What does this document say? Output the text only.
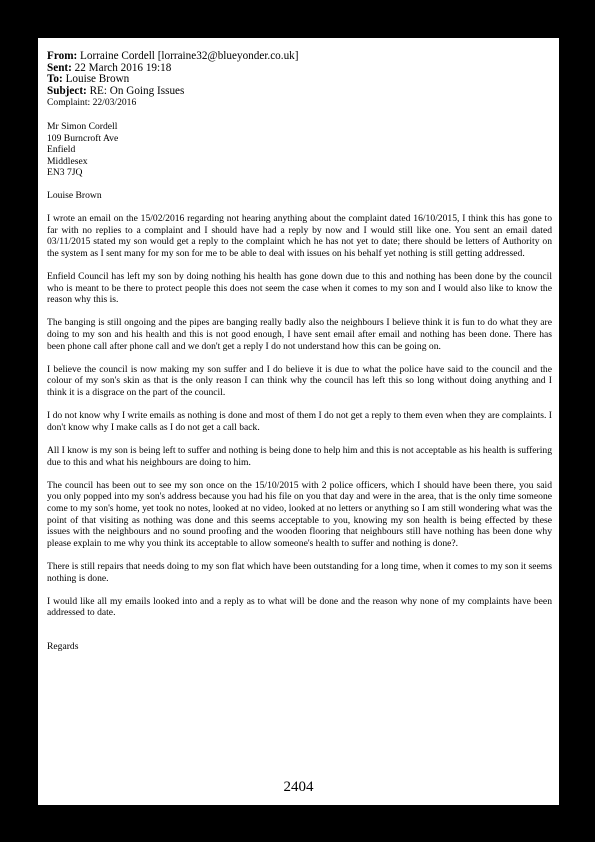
From: Lorraine Cordell [lorraine32@blueyonder.co.uk]
Sent: 22 March 2016 19:18
To: Louise Brown
Subject: RE: On Going Issues
Complaint: 22/03/2016
Mr Simon Cordell
109 Burncroft Ave
Enfield
Middlesex
EN3 7JQ
Louise Brown

I wrote an email on the 15/02/2016 regarding not hearing anything about the complaint dated 16/10/2015, I think this has gone to far with no replies to a complaint and I should have had a reply by now and I would still like one. You sent an email dated 03/11/2015 stated my son would get a reply to the complaint which he has not yet to date; there should be letters of Authority on the system as I sent many for my son for me to be able to deal with issues on his behalf yet nothing is still getting addressed.

Enfield Council has left my son by doing nothing his health has gone down due to this and nothing has been done by the council who is meant to be there to protect people this does not seem the case when it comes to my son and I would also like to know the reason why this is.

The banging is still ongoing and the pipes are banging really badly also the neighbours I believe think it is fun to do what they are doing to my son and his health and this is not good enough, I have sent email after email and nothing has been done. There has been phone call after phone call and we don't get a reply I do not understand how this can be going on.

I believe the council is now making my son suffer and I do believe it is due to what the police have said to the council and the colour of my son's skin as that is the only reason I can think why the council has left this so long without doing anything and I think it is a disgrace on the part of the council.

I do not know why I write emails as nothing is done and most of them I do not get a reply to them even when they are complaints. I don't know why I make calls as I do not get a call back.

All I know is my son is being left to suffer and nothing is being done to help him and this is not acceptable as his health is suffering due to this and what his neighbours are doing to him.

The council has been out to see my son once on the 15/10/2015 with 2 police officers, which I should have been there, you said you only popped into my son's address because you had his file on you that day and were in the area, that is the only time someone come to my son's home, yet took no notes, looked at no video, looked at no letters or anything so I am still wondering what was the point of that visiting as nothing was done and this seems acceptable to you, knowing my son health is being effected by these issues with the neighbours and no sound proofing and the wooden flooring that neighbours still have nothing has been done why please explain to me why you think its acceptable to allow someone's health to suffer and nothing is done?.

There is still repairs that needs doing to my son flat which have been outstanding for a long time, when it comes to my son it seems nothing is done.

I would like all my emails looked into and a reply as to what will be done and the reason why none of my complaints have been addressed to date.

Regards
2404
